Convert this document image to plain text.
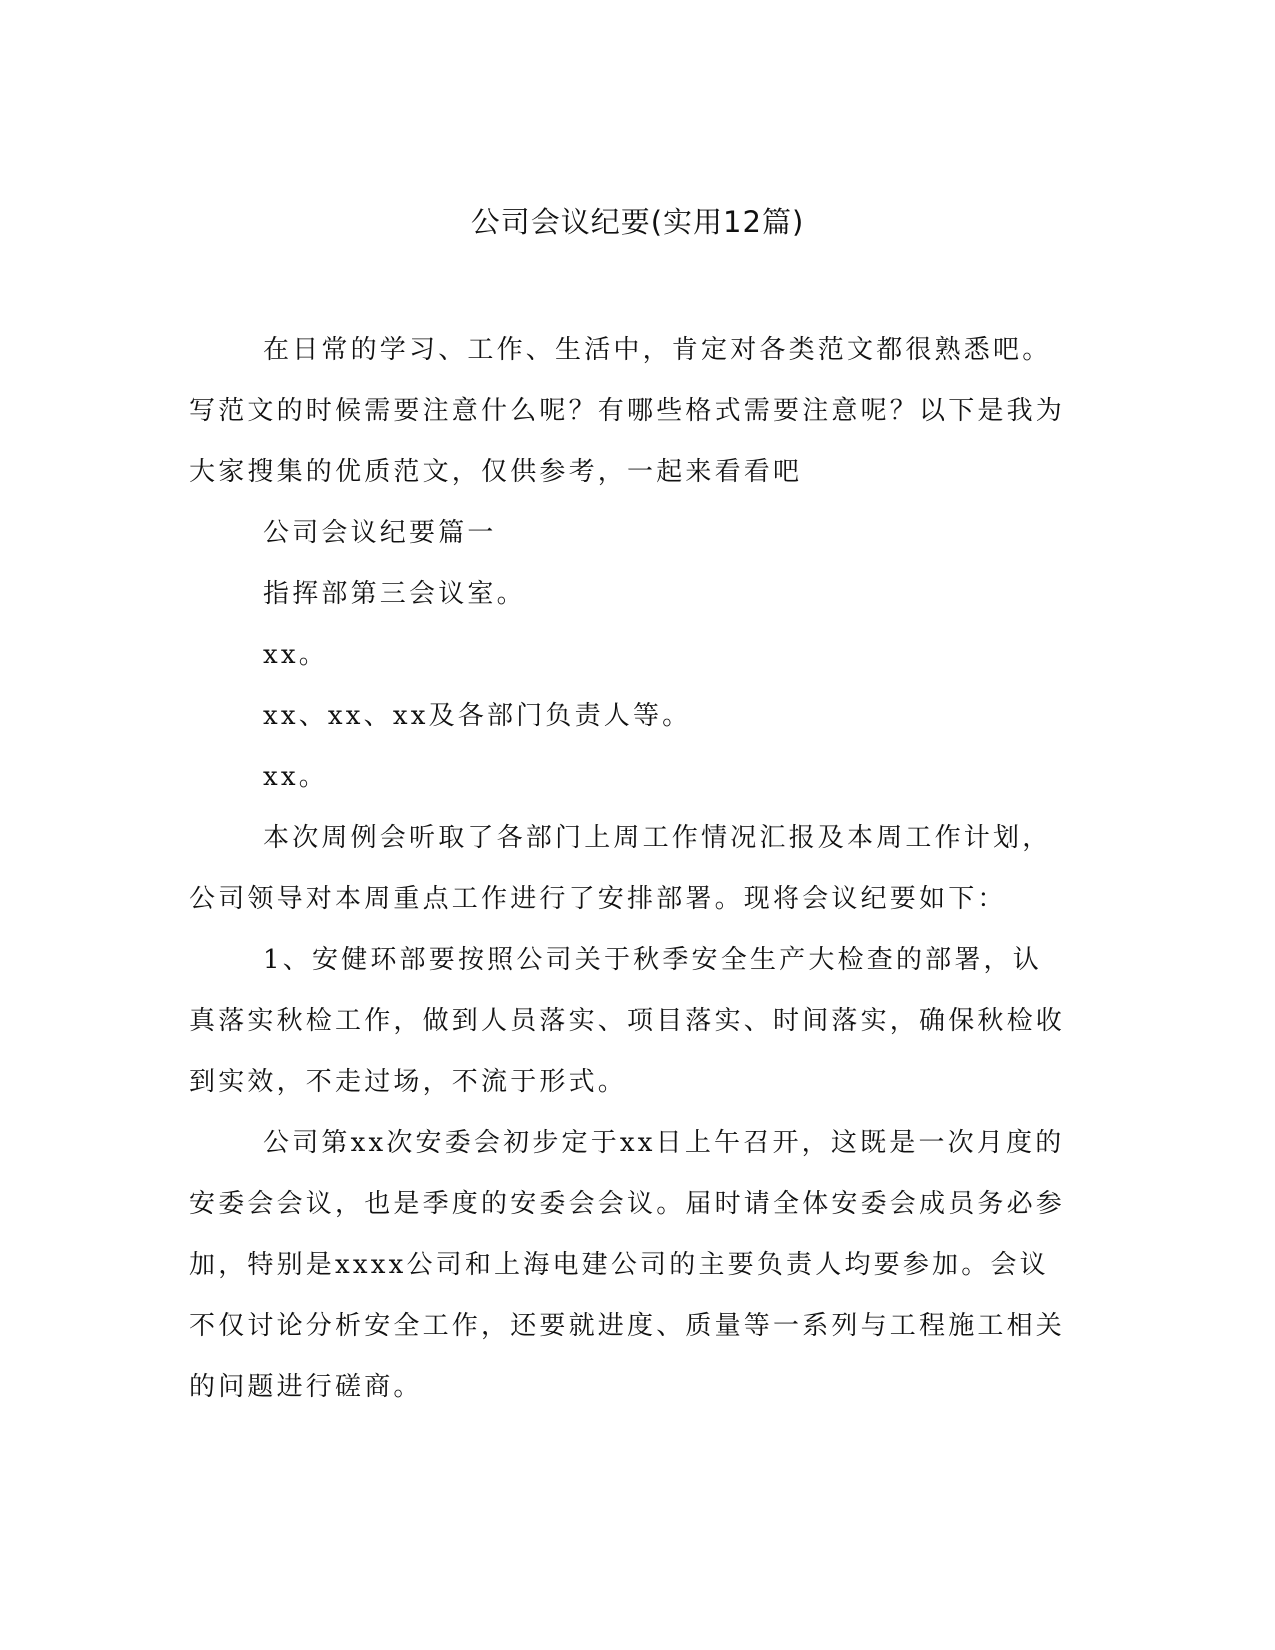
公司会议纪要(实用12篇)

在日常的学习、工作、生活中，肯定对各类范文都很熟悉吧。写范文的时候需要注意什么呢？有哪些格式需要注意呢？以下是我为大家搜集的优质范文，仅供参考，一起来看看吧

公司会议纪要篇一

指挥部第三会议室。

xx。

xx、xx、xx及各部门负责人等。

xx。

本次周例会听取了各部门上周工作情况汇报及本周工作计划，公司领导对本周重点工作进行了安排部署。现将会议纪要如下：

1、安健环部要按照公司关于秋季安全生产大检查的部署，认真落实秋检工作，做到人员落实、项目落实、时间落实，确保秋检收到实效，不走过场，不流于形式。

公司第xx次安委会初步定于xx日上午召开，这既是一次月度的安委会会议，也是季度的安委会会议。届时请全体安委会成员务必参加，特别是xxxx公司和上海电建公司的主要负责人均要参加。会议不仅讨论分析安全工作，还要就进度、质量等一系列与工程施工相关的问题进行磋商。
